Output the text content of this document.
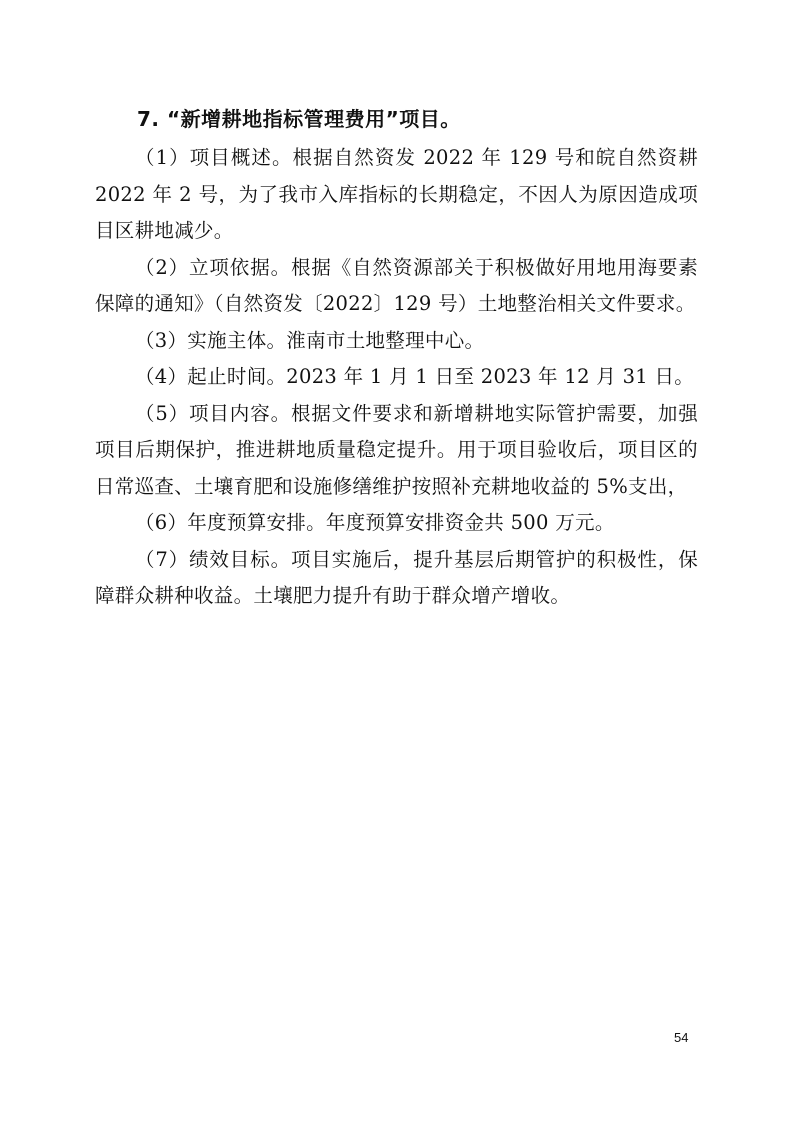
7. “新增耕地指标管理费用”项目。

（1）项目概述。根据自然资发 2022 年 129 号和皖自然资耕 2022 年 2 号，为了我市入库指标的长期稳定，不因人为原因造成项目区耕地减少。

（2）立项依据。根据《自然资源部关于积极做好用地用海要素保障的通知》（自然资发〔2022〕129 号）土地整治相关文件要求。

（3）实施主体。淮南市土地整理中心。

（4）起止时间。2023 年 1 月 1 日至 2023 年 12 月 31 日。

（5）项目内容。根据文件要求和新增耕地实际管护需要，加强项目后期保护，推进耕地质量稳定提升。用于项目验收后，项目区的日常巡查、土壤育肥和设施修缮维护按照补充耕地收益的 5%支出，

（6）年度预算安排。年度预算安排资金共 500 万元。

（7）绩效目标。项目实施后，提升基层后期管护的积极性，保障群众耕种收益。土壤肥力提升有助于群众增产增收。

54
